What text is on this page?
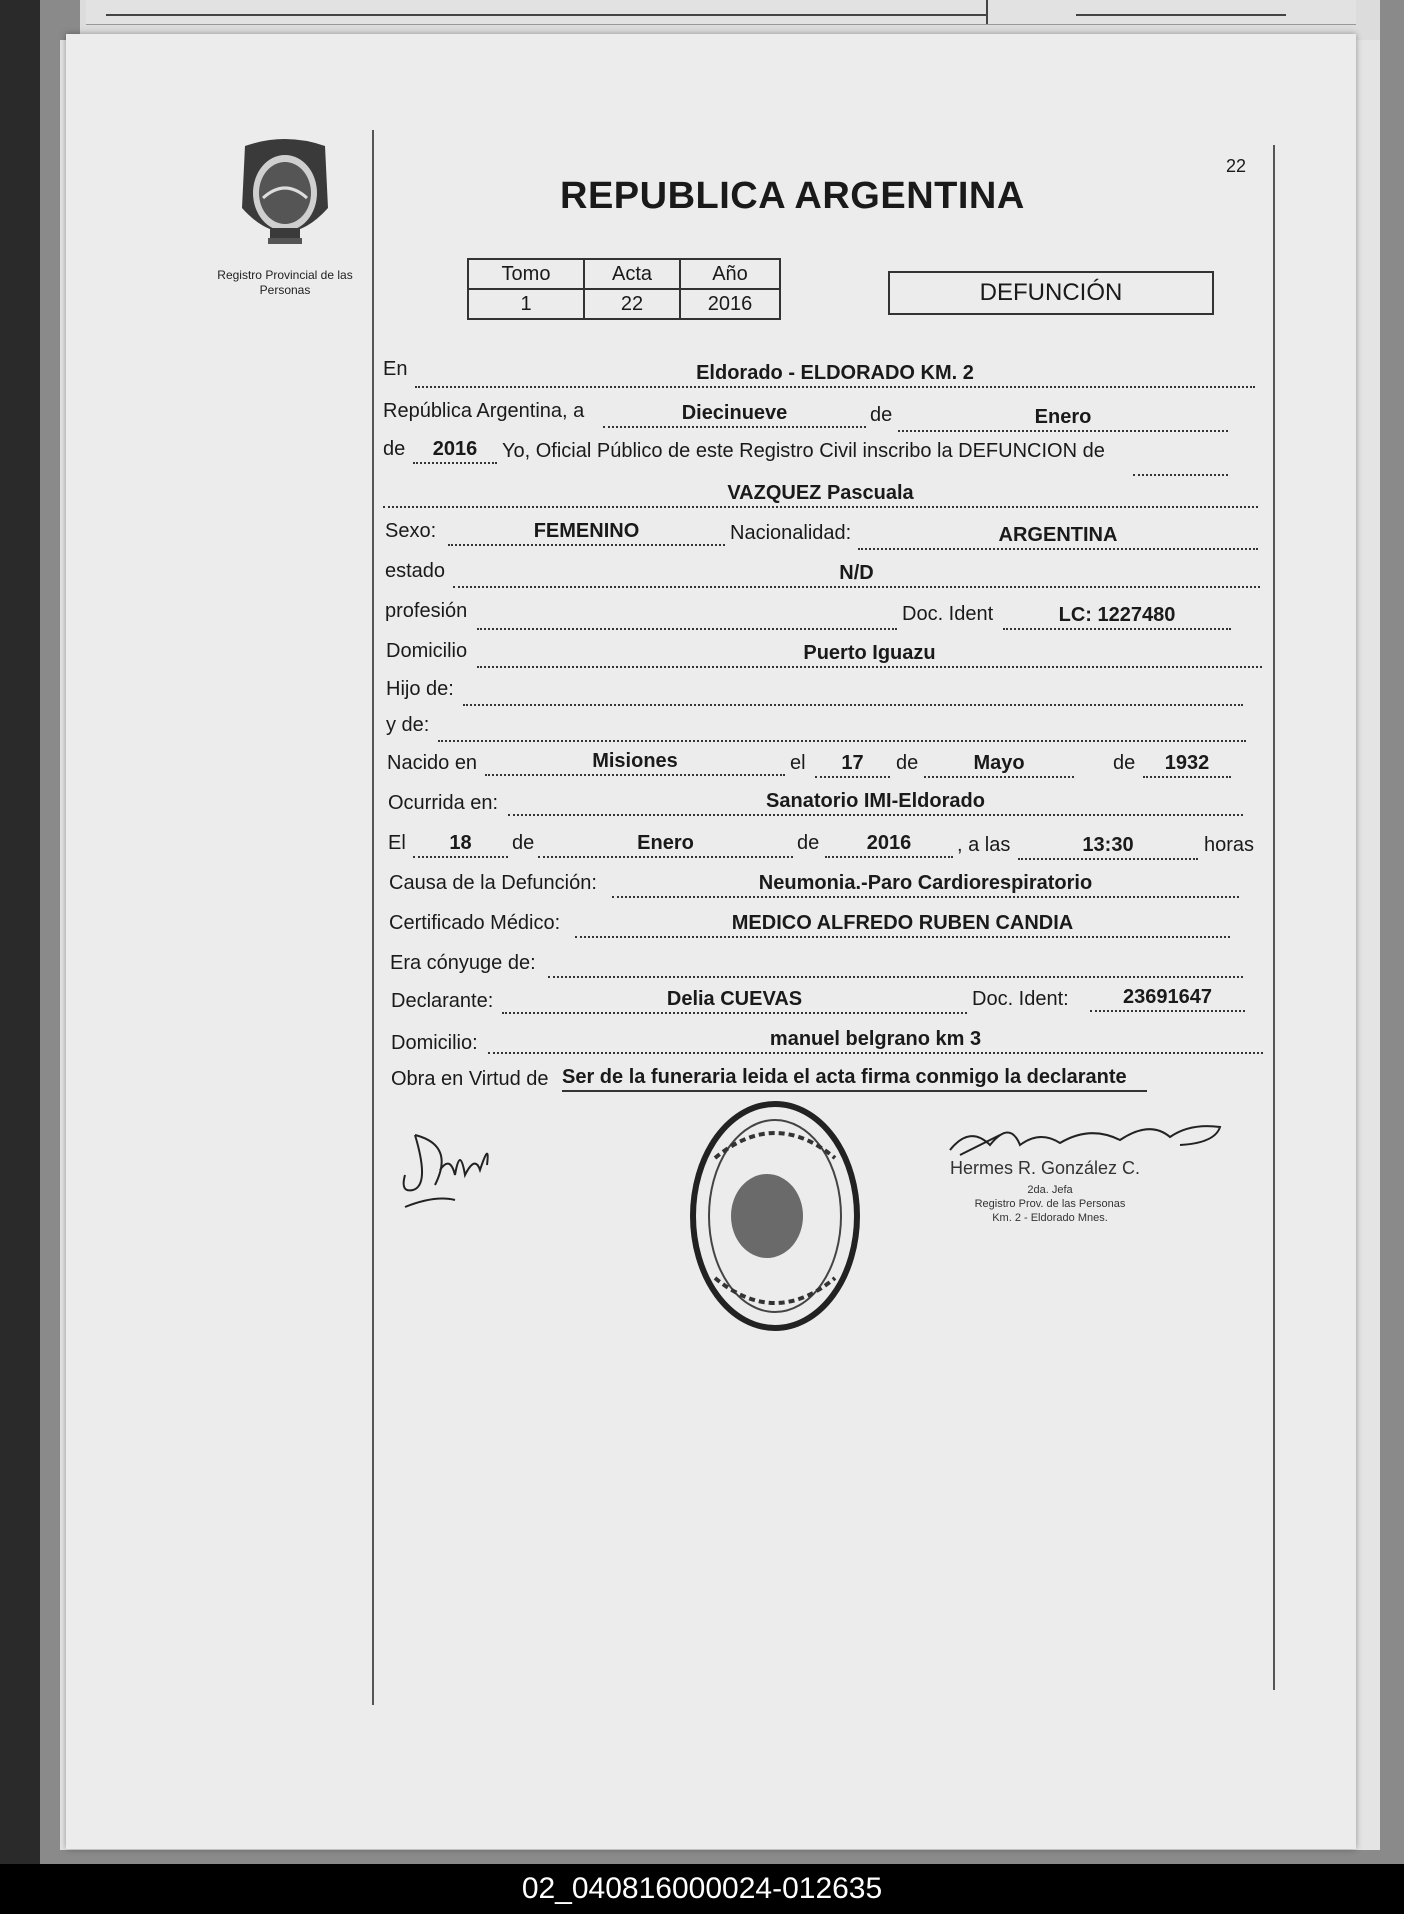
Registro Provincial de las Personas
22
REPUBLICA ARGENTINA
Tomo	Acta	Año
1	22	2016	DEFUNCIÓN
En	Eldorado - ELDORADO KM. 2
República Argentina, a	Diecinueve	de	Enero
de	2016	Yo, Oficial Público de este Registro Civil inscribo la DEFUNCION de
VAZQUEZ Pascuala
Sexo:	FEMENINO	Nacionalidad:	ARGENTINA
estado	N/D
profesión	Doc. Ident	LC: 1227480
Domicilio	Puerto Iguazu
Hijo de:
y de:
Nacido en	Misiones	el	17	de	Mayo	de	1932
Ocurrida en:	Sanatorio IMI-Eldorado
El	18	de	Enero	de	2016	, a las	13:30	horas
Causa de la Defunción:	Neumonia.-Paro Cardiorespiratorio
Certificado Médico:	MEDICO ALFREDO RUBEN CANDIA
Era cónyuge de:
Declarante:	Delia CUEVAS	Doc. Ident:	23691647
Domicilio:	manuel belgrano km 3
Obra en Virtud de Ser de la funeraria leida el acta firma conmigo la declarante
Hermes R. González C.
2da. Jefa
Registro Prov. de las Personas
Km. 2 - Eldorado Mnes.
02_040816000024-012635
